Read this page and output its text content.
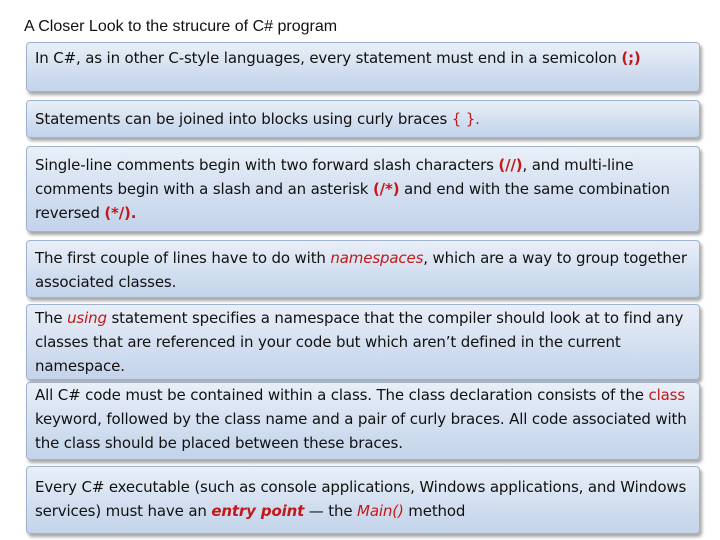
A Closer Look to the strucure of C# program
In C#, as in other C-style languages, every statement must end in a semicolon (;)
Statements can be joined into blocks using curly braces { }.
Single-line comments begin with two forward slash characters (//), and multi-line comments begin with a slash and an asterisk (/*) and end with the same combination reversed (*/).
The first couple of lines have to do with namespaces, which are a way to group together associated classes.
The using statement specifies a namespace that the compiler should look at to find any classes that are referenced in your code but which aren’t defined in the current namespace.
All C# code must be contained within a class. The class declaration consists of the class keyword, followed by the class name and a pair of curly braces. All code associated with the class should be placed between these braces.
Every C# executable (such as console applications, Windows applications, and Windows services) must have an entry point — the Main() method
